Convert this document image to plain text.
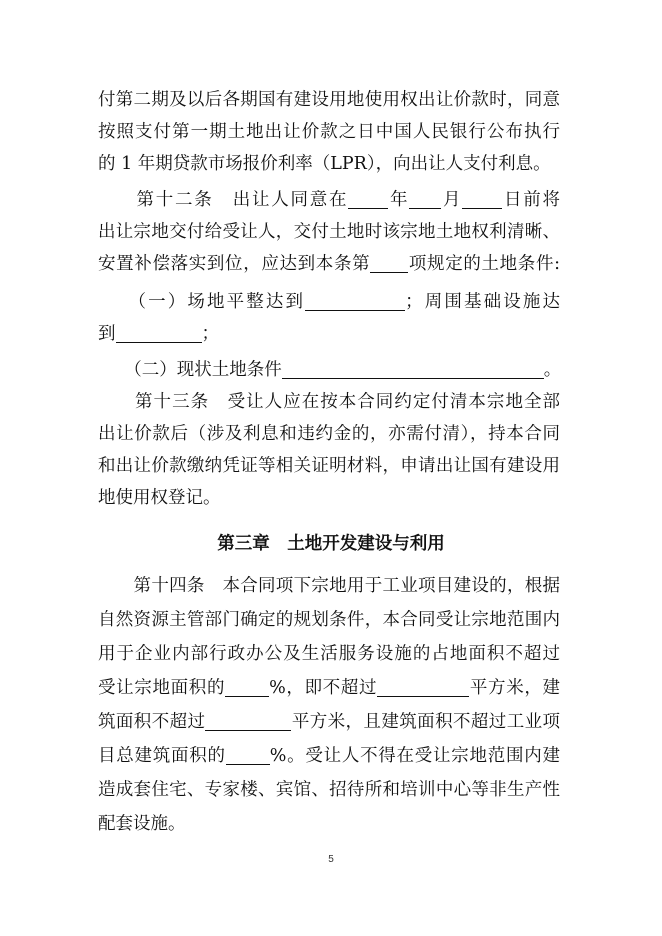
付第二期及以后各期国有建设用地使用权出让价款时，同意
按照支付第一期土地出让价款之日中国人民银行公布执行
的 1 年期贷款市场报价利率（LPR），向出让人支付利息。
　　第十二条　出让人同意在 年 月 日前将
出让宗地交付给受让人，交付土地时该宗地土地权利清晰、
安置补偿落实到位，应达到本条第 项规定的土地条件:
　　（一）场地平整达到	；周围基础设施达
到	；
　　（二）现状土地条件	。
　　第十三条　受让人应在按本合同约定付清本宗地全部
出让价款后（涉及利息和违约金的，亦需付清），持本合同
和出让价款缴纳凭证等相关证明材料，申请出让国有建设用
地使用权登记。
第三章　土地开发建设与利用
　　第十四条　本合同项下宗地用于工业项目建设的，根据
自然资源主管部门确定的规划条件，本合同受让宗地范围内
用于企业内部行政办公及生活服务设施的占地面积不超过
受让宗地面积的	%，即不超过	平方米，建
筑面积不超过	平方米，且建筑面积不超过工业项
目总建筑面积的	%。受让人不得在受让宗地范围内建
造成套住宅、专家楼、宾馆、招待所和培训中心等非生产性
配套设施。
5
